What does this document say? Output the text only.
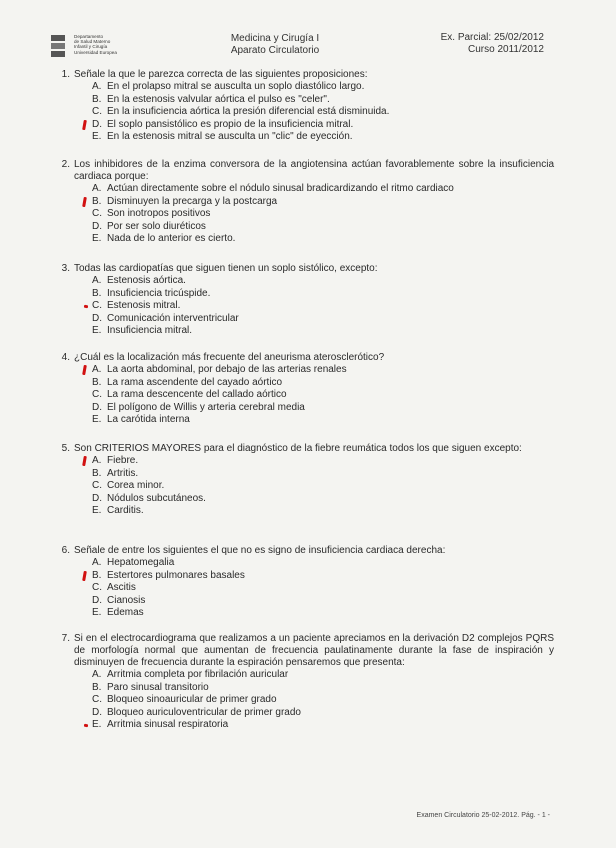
Departamento
de Salud Materno
Infantil y Cirugía
Universidad Europea
Medicina y Cirugía I
Aparato Circulatorio
Ex. Parcial: 25/02/2012
Curso 2011/2012
1. Señale la que le parezca correcta de las siguientes proposiciones:
A. En el prolapso mitral se ausculta un soplo diastólico largo.
B. En la estenosis valvular aórtica el pulso es "celer".
C. En la insuficiencia aórtica la presión diferencial está disminuida.
D. El soplo pansistólico es propio de la insuficiencia mitral.
E. En la estenosis mitral se ausculta un "clic" de eyección.
2. Los inhibidores de la enzima conversora de la angiotensina actúan favorablemente sobre la insuficiencia cardiaca porque:
A. Actúan directamente sobre el nódulo sinusal bradicardizando el ritmo cardiaco
B. Disminuyen la precarga y la postcarga
C. Son inotropos positivos
D. Por ser solo diuréticos
E. Nada de lo anterior es cierto.
3. Todas las cardiopatías que siguen tienen un soplo sistólico, excepto:
A. Estenosis aórtica.
B. Insuficiencia tricúspide.
C. Estenosis mitral.
D. Comunicación interventricular
E. Insuficiencia mitral.
4. ¿Cuál es la localización más frecuente del aneurisma aterosclerótico?
A. La aorta abdominal, por debajo de las arterias renales
B. La rama ascendente del cayado aórtico
C. La rama descencente del callado aórtico
D. El polígono de Willis y arteria cerebral media
E. La carótida interna
5. Son CRITERIOS MAYORES para el diagnóstico de la fiebre reumática todos los que siguen excepto:
A. Fiebre.
B. Artritis.
C. Corea minor.
D. Nódulos subcutáneos.
E. Carditis.
6. Señale de entre los siguientes el que no es signo de insuficiencia cardiaca derecha:
A. Hepatomegalia
B. Estertores pulmonares basales
C. Ascitis
D. Cianosis
E. Edemas
7. Si en el electrocardiograma que realizamos a un paciente apreciamos en la derivación D2 complejos PQRS de morfología normal que aumentan de frecuencia paulatinamente durante la fase de inspiración y disminuyen de frecuencia durante la espiración pensaremos que presenta:
A. Arritmia completa por fibrilación auricular
B. Paro sinusal transitorio
C. Bloqueo sinoauricular de primer grado
D. Bloqueo auriculoventricular de primer grado
E. Arritmia sinusal respiratoria
Examen Circulatorio 25-02-2012. Pág. - 1 -
